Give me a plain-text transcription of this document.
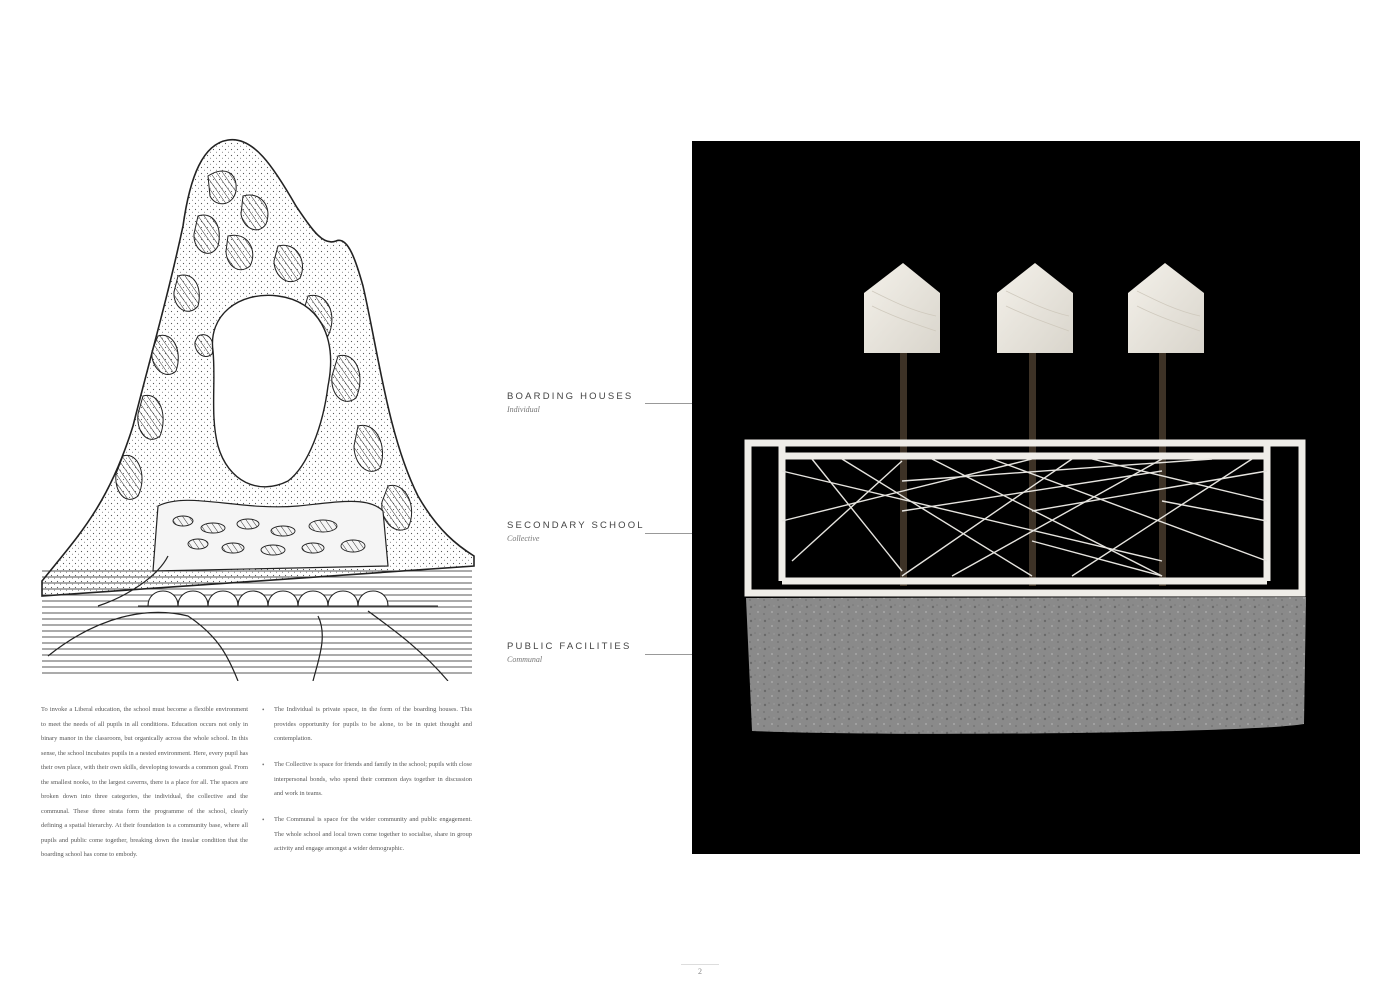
To invoke a Liberal education, the school must become a flexible environment to meet the needs of all pupils in all conditions. Education occurs not only in binary manor in the classroom, but organically across the whole school. In this sense, the school incubates pupils in a nested environment. Here, every pupil has their own place, with their own skills, developing towards a common goal. From the smallest nooks, to the largest caverns, there is a place for all. The spaces are broken down into three categories, the individual, the collective and the communal. These three strata form the programme of the school, clearly defining a spatial hierarchy. At their foundation is a community base, where all pupils and public come together, breaking down the insular condition that the boarding school has come to embody.
• The Individual is private space, in the form of the boarding houses. This provides opportunity for pupils to be alone, to be in quiet thought and contemplation.
• The Collective is space for friends and family in the school; pupils with close interpersonal bonds, who spend their common days together in discussion and work in teams.
• The Communal is space for the wider community and public engagement. The whole school and local town come together to socialise, share in group activity and engage amongst a wider demographic.
BOARDING HOUSES
Individual
SECONDARY SCHOOL
Collective
PUBLIC FACILITIES
Communal
2
